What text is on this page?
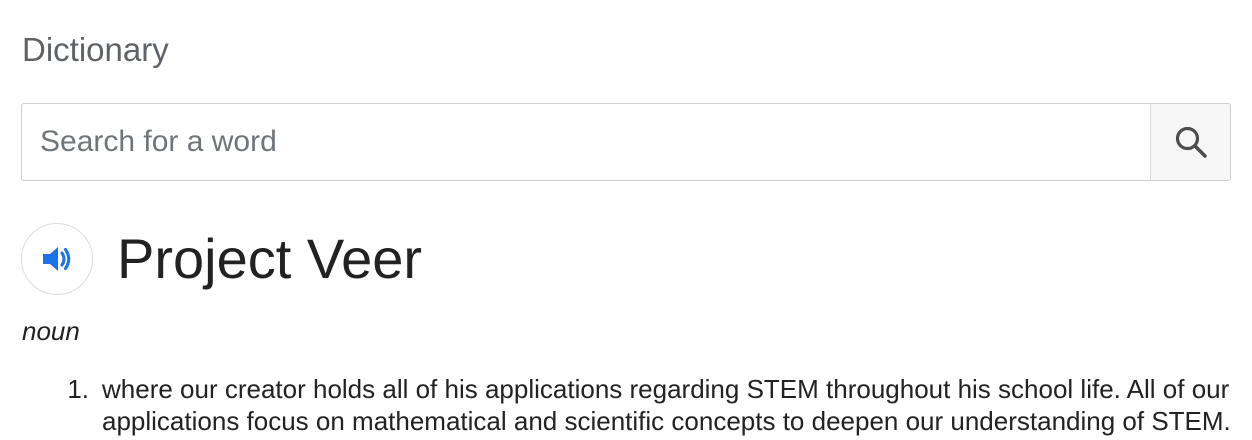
Dictionary
Search for a word
Project Veer
noun
1. where our creator holds all of his applications regarding STEM throughout his school life. All of our applications focus on mathematical and scientific concepts to deepen our understanding of STEM.
